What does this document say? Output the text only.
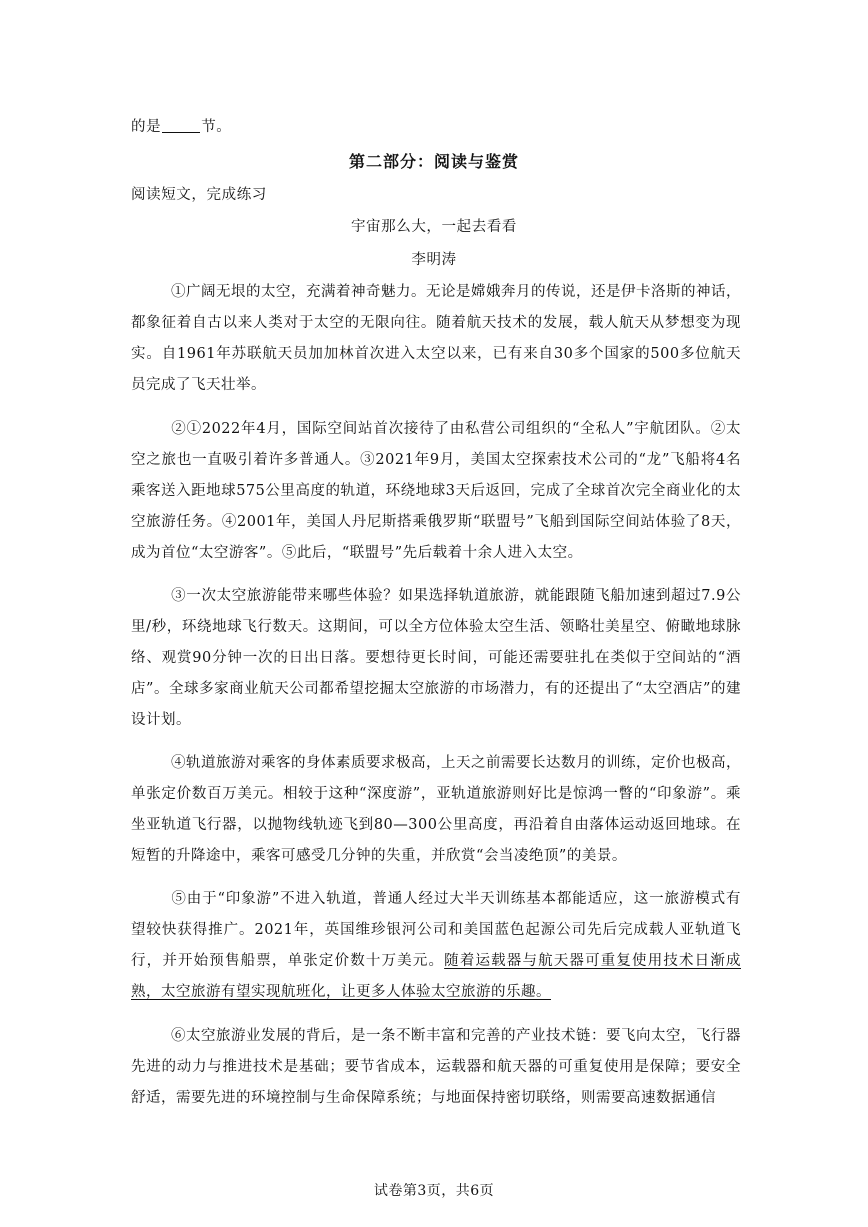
的是	节。
第二部分：阅读与鉴赏
阅读短文，完成练习
宇宙那么大，一起去看看
李明涛
①广阔无垠的太空，充满着神奇魅力。无论是嫦娥奔月的传说，还是伊卡洛斯的神话，都象征着自古以来人类对于太空的无限向往。随着航天技术的发展，载人航天从梦想变为现实。自1961年苏联航天员加加林首次进入太空以来，已有来自30多个国家的500多位航天员完成了飞天壮举。
②①2022年4月，国际空间站首次接待了由私营公司组织的“全私人”宇航团队。②太空之旅也一直吸引着许多普通人。③2021年9月，美国太空探索技术公司的“龙”飞船将4名乘客送入距地球575公里高度的轨道，环绕地球3天后返回，完成了全球首次完全商业化的太空旅游任务。④2001年，美国人丹尼斯搭乘俄罗斯“联盟号”飞船到国际空间站体验了8天，成为首位“太空游客”。⑤此后，“联盟号”先后载着十余人进入太空。
③一次太空旅游能带来哪些体验？如果选择轨道旅游，就能跟随飞船加速到超过7.9公里/秒，环绕地球飞行数天。这期间，可以全方位体验太空生活、领略壮美星空、俯瞰地球脉络、观赏90分钟一次的日出日落。要想待更长时间，可能还需要驻扎在类似于空间站的“酒店”。全球多家商业航天公司都希望挖掘太空旅游的市场潜力，有的还提出了“太空酒店”的建设计划。
④轨道旅游对乘客的身体素质要求极高，上天之前需要长达数月的训练，定价也极高，单张定价数百万美元。相较于这种“深度游”，亚轨道旅游则好比是惊鸿一瞥的“印象游”。乘坐亚轨道飞行器，以抛物线轨迹飞到80—300公里高度，再沿着自由落体运动返回地球。在短暂的升降途中，乘客可感受几分钟的失重，并欣赏“会当凌绝顶”的美景。
⑤由于“印象游”不进入轨道，普通人经过大半天训练基本都能适应，这一旅游模式有望较快获得推广。2021年，英国维珍银河公司和美国蓝色起源公司先后完成载人亚轨道飞行，并开始预售船票，单张定价数十万美元。随着运载器与航天器可重复使用技术日渐成熟，太空旅游有望实现航班化，让更多人体验太空旅游的乐趣。
⑥太空旅游业发展的背后，是一条不断丰富和完善的产业技术链：要飞向太空，飞行器先进的动力与推进技术是基础；要节省成本，运载器和航天器的可重复使用是保障；要安全舒适，需要先进的环境控制与生命保障系统；与地面保持密切联络，则需要高速数据通信
试卷第3页，共6页
